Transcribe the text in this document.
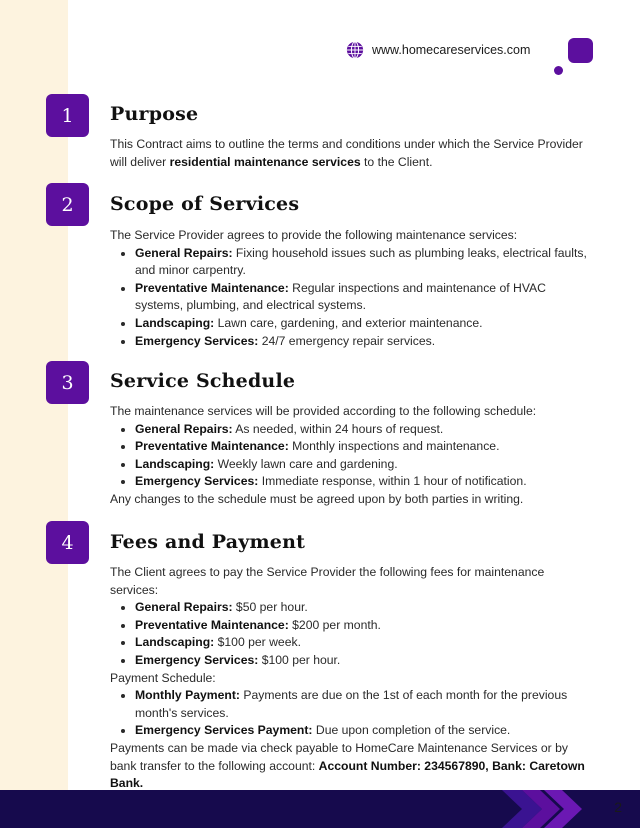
www.homecareservices.com
1	Purpose

This Contract aims to outline the terms and conditions under which the Service Provider will deliver residential maintenance services to the Client.

2	Scope of Services

The Service Provider agrees to provide the following maintenance services:

• General Repairs: Fixing household issues such as plumbing leaks, electrical faults, and minor carpentry.
• Preventative Maintenance: Regular inspections and maintenance of HVAC systems, plumbing, and electrical systems.
• Landscaping: Lawn care, gardening, and exterior maintenance.
• Emergency Services: 24/7 emergency repair services.
3	Service Schedule

The maintenance services will be provided according to the following schedule:

• General Repairs: As needed, within 24 hours of request.
• Preventative Maintenance: Monthly inspections and maintenance.
• Landscaping: Weekly lawn care and gardening.
• Emergency Services: Immediate response, within 1 hour of notification.

Any changes to the schedule must be agreed upon by both parties in writing.

4	Fees and Payment

The Client agrees to pay the Service Provider the following fees for maintenance services:

• General Repairs: $50 per hour.
• Preventative Maintenance: $200 per month.
• Landscaping: $100 per week.
• Emergency Services: $100 per hour.

Payment Schedule:

• Monthly Payment: Payments are due on the 1st of each month for the previous month's services.
• Emergency Services Payment: Due upon completion of the service.

Payments can be made via check payable to HomeCare Maintenance Services or by bank transfer to the following account: Account Number: 234567890, Bank: Caretown Bank.

2
